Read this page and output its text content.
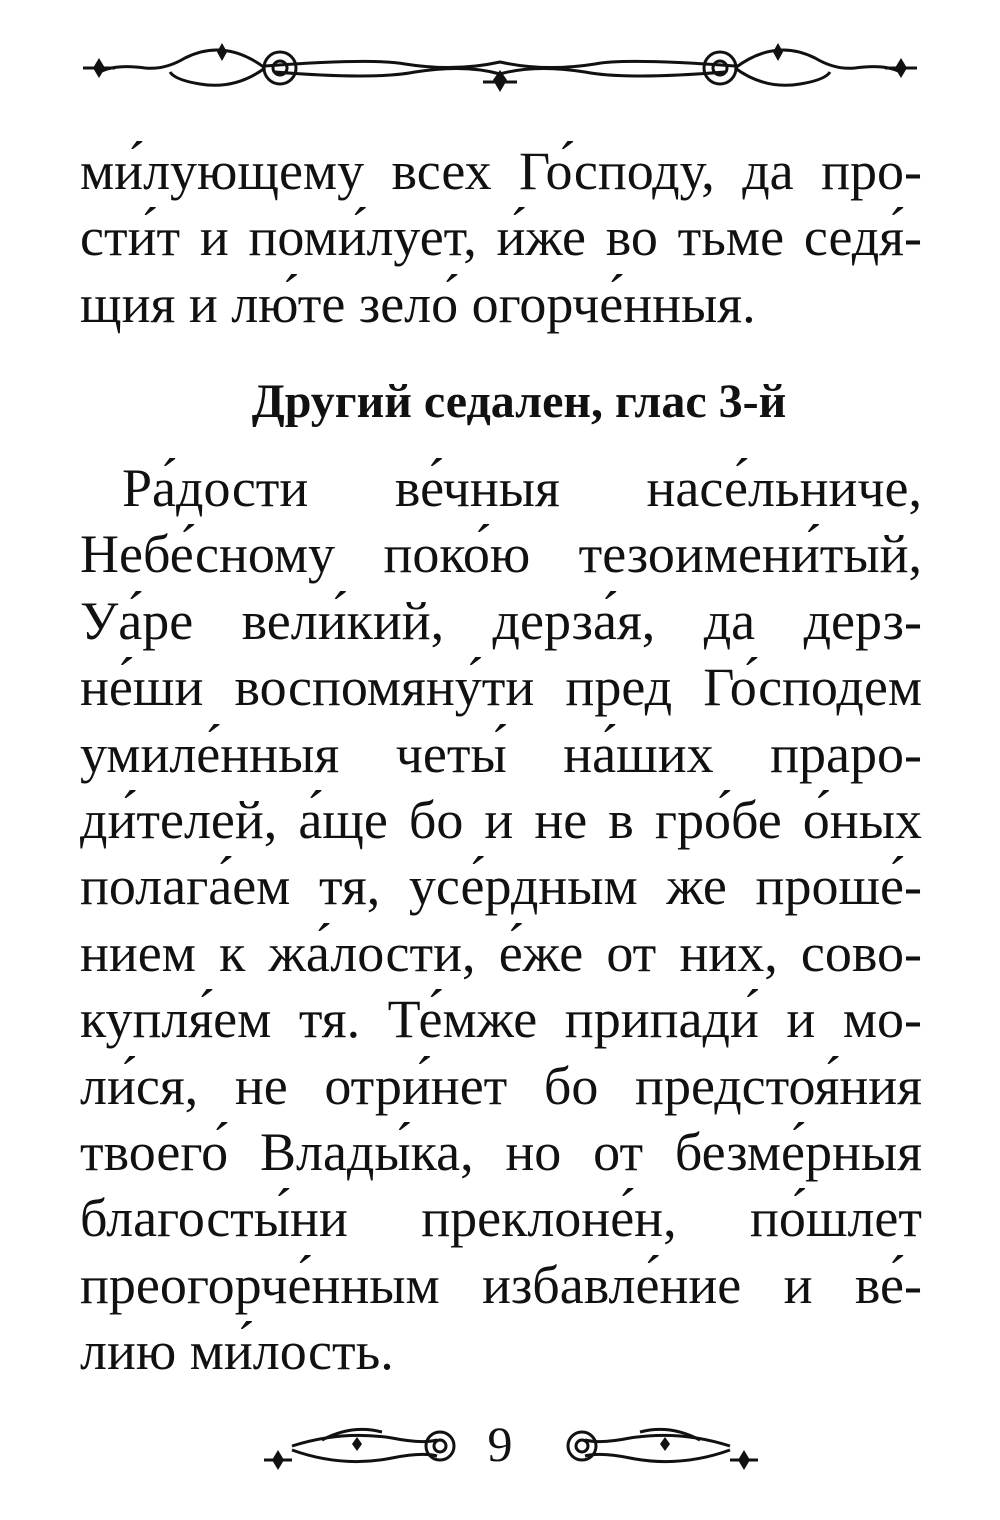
ми́лующему всех Го́споду, да про-
сти́т и поми́лует, и́же во тьме седя́-
щия и лю́те зело́ огорче́нныя.
Другий седален, глас 3-й
Ра́дости ве́чныя насе́льниче,
Небе́сному поко́ю тезоимени́тый,
Уа́ре вели́кий, дерза́я, да дерз-
не́ши воспомяну́ти пред Го́сподем
умиле́нныя четы́ на́ших праро-
ди́телей, а́ще бо и не в гро́бе о́ных
полага́ем тя, усе́рдным же проше́-
нием к жа́лости, е́же от них, сово-
купля́ем тя. Те́мже припади́ и мо-
ли́ся, не отри́нет бо предстоя́ния
твоего́ Влады́ка, но от безме́рныя
благосты́ни преклоне́н, по́шлет
преогорче́нным избавле́ние и ве́-
лию ми́лость.
9
